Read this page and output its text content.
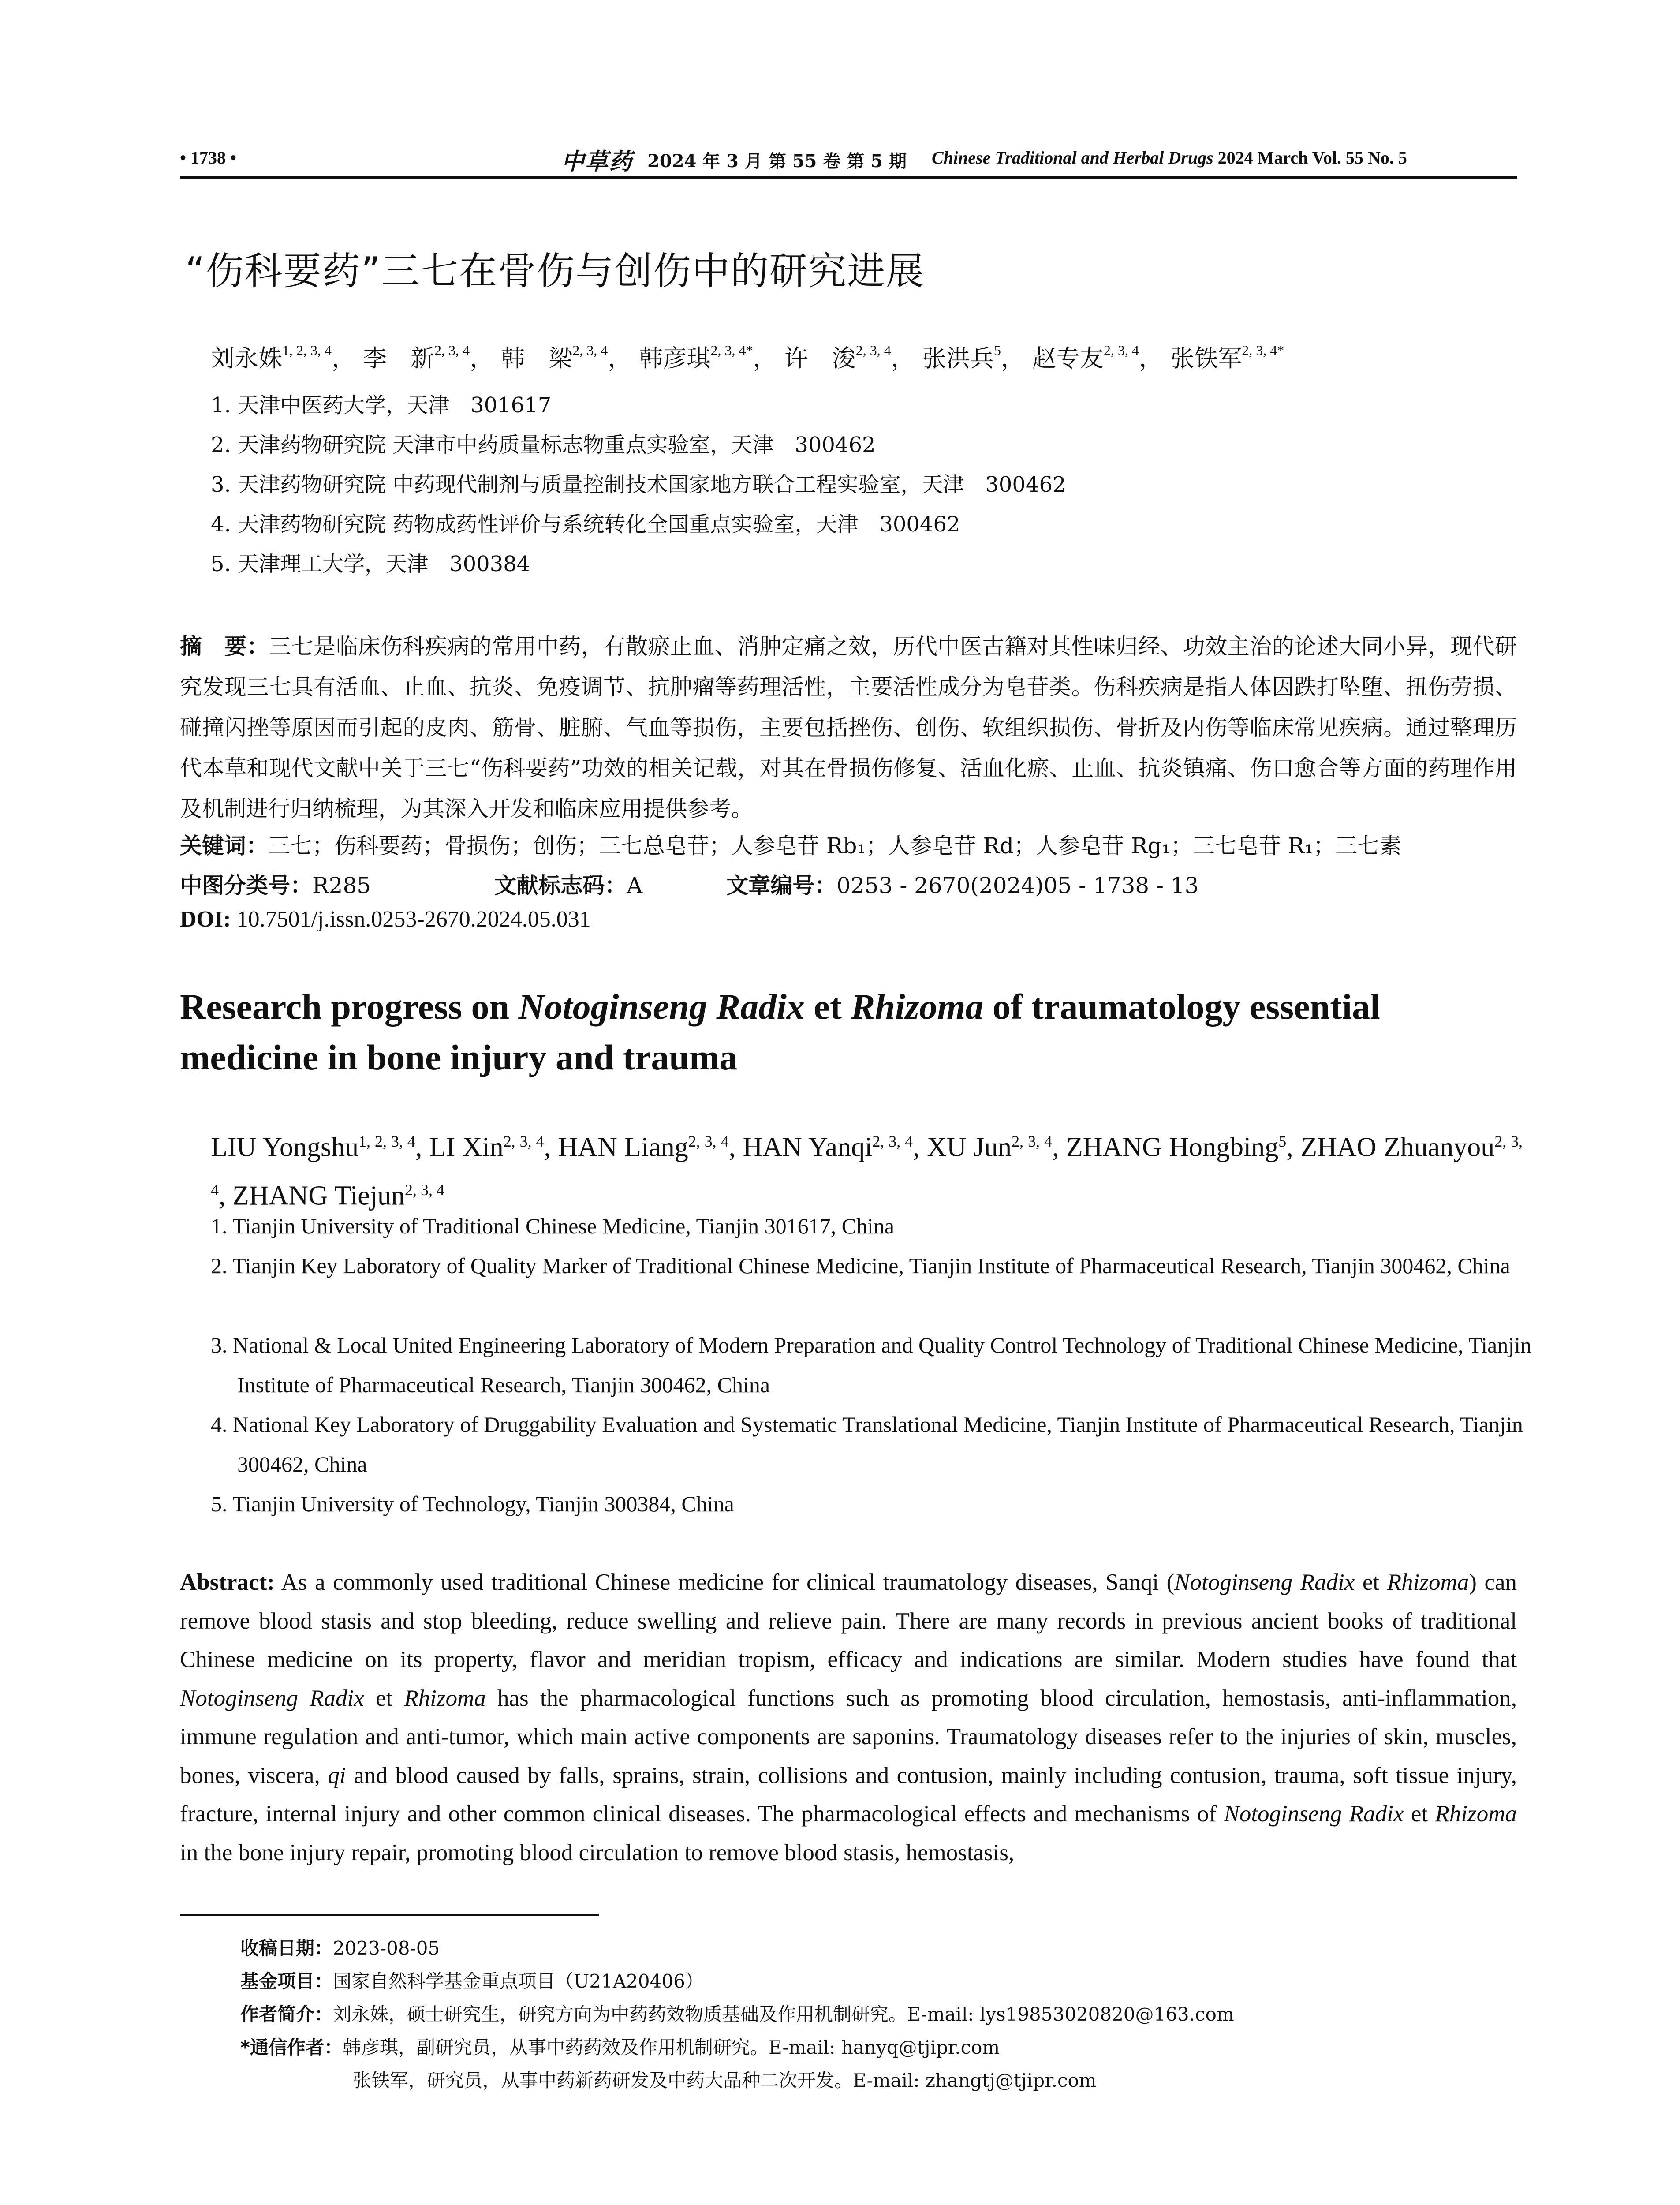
• 1738 •	中草药 2024 年 3 月 第 55 卷 第 5 期 Chinese Traditional and Herbal Drugs 2024 March Vol. 55 No. 5
“伤科要药”三七在骨伤与创伤中的研究进展
刘永姝$^{1, 2, 3, 4}$， 李　新$^{2, 3, 4}$， 韩　梁$^{2, 3, 4}$， 韩彦琪$^{2, 3, 4*}$， 许　浚$^{2, 3, 4}$， 张洪兵$^5$， 赵专友$^{2, 3, 4}$， 张铁军$^{2, 3, 4*}$
1. 天津中医药大学，天津　301617
2. 天津药物研究院 天津市中药质量标志物重点实验室，天津　300462
3. 天津药物研究院 中药现代制剂与质量控制技术国家地方联合工程实验室，天津　300462
4. 天津药物研究院 药物成药性评价与系统转化全国重点实验室，天津　300462
5. 天津理工大学，天津　300384
摘　要：三七是临床伤科疾病的常用中药，有散瘀止血、消肿定痛之效，历代中医古籍对其性味归经、功效主治的论述大同小异，现代研究发现三七具有活血、止血、抗炎、免疫调节、抗肿瘤等药理活性，主要活性成分为皂苷类。伤科疾病是指人体因跌打坠堕、扭伤劳损、碰撞闪挫等原因而引起的皮肉、筋骨、脏腑、气血等损伤，主要包括挫伤、创伤、软组织损伤、骨折及内伤等临床常见疾病。通过整理历代本草和现代文献中关于三七“伤科要药”功效的相关记载，对其在骨损伤修复、活血化瘀、止血、抗炎镇痛、伤口愈合等方面的药理作用及机制进行归纳梳理，为其深入开发和临床应用提供参考。
关键词：三七；伤科要药；骨损伤；创伤；三七总皂苷；人参皂苷 Rb₁；人参皂苷 Rd；人参皂苷 Rg₁；三七皂苷 R₁；三七素
中图分类号：R285	文献标志码：A	文章编号：0253 - 2670(2024)05 - 1738 - 13
DOI: 10.7501/j.issn.0253-2670.2024.05.031
Research progress on Notoginseng Radix et Rhizoma of traumatology essential medicine in bone injury and trauma
LIU Yongshu$^{1, 2, 3, 4}$, LI Xin$^{2, 3, 4}$, HAN Liang$^{2, 3, 4}$, HAN Yanqi$^{2, 3, 4}$, XU Jun$^{2, 3, 4}$, ZHANG Hongbing$^5$, ZHAO Zhuanyou$^{2, 3, 4}$, ZHANG Tiejun$^{2, 3, 4}$
1. Tianjin University of Traditional Chinese Medicine, Tianjin 301617, China
2. Tianjin Key Laboratory of Quality Marker of Traditional Chinese Medicine, Tianjin Institute of Pharmaceutical Research, Tianjin 300462, China
3. National & Local United Engineering Laboratory of Modern Preparation and Quality Control Technology of Traditional Chinese Medicine, Tianjin Institute of Pharmaceutical Research, Tianjin 300462, China
4. National Key Laboratory of Druggability Evaluation and Systematic Translational Medicine, Tianjin Institute of Pharmaceutical Research, Tianjin 300462, China
5. Tianjin University of Technology, Tianjin 300384, China
Abstract: As a commonly used traditional Chinese medicine for clinical traumatology diseases, Sanqi (Notoginseng Radix et Rhizoma) can remove blood stasis and stop bleeding, reduce swelling and relieve pain. There are many records in previous ancient books of traditional Chinese medicine on its property, flavor and meridian tropism, efficacy and indications are similar. Modern studies have found that Notoginseng Radix et Rhizoma has the pharmacological functions such as promoting blood circulation, hemostasis, anti-inflammation, immune regulation and anti-tumor, which main active components are saponins. Traumatology diseases refer to the injuries of skin, muscles, bones, viscera, qi and blood caused by falls, sprains, strain, collisions and contusion, mainly including contusion, trauma, soft tissue injury, fracture, internal injury and other common clinical diseases. The pharmacological effects and mechanisms of Notoginseng Radix et Rhizoma in the bone injury repair, promoting blood circulation to remove blood stasis, hemostasis,
收稿日期：2023-08-05
基金项目：国家自然科学基金重点项目（U21A20406）
作者简介：刘永姝，硕士研究生，研究方向为中药药效物质基础及作用机制研究。E-mail: lys19853020820@163.com
*通信作者：韩彦琪，副研究员，从事中药药效及作用机制研究。E-mail: hanyq@tjipr.com
张铁军，研究员，从事中药新药研发及中药大品种二次开发。E-mail: zhangtj@tjipr.com
